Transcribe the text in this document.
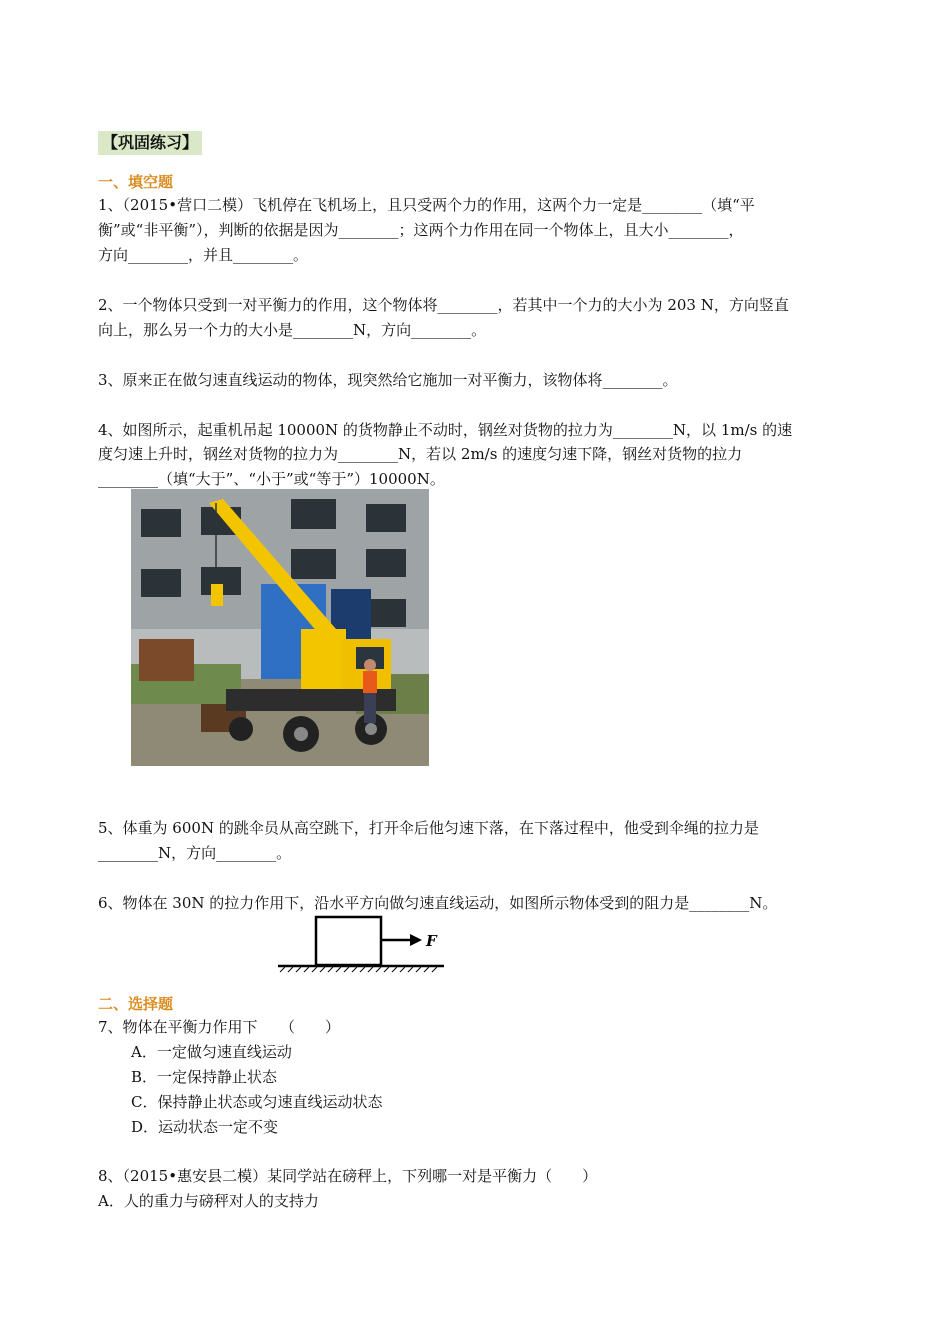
【巩固练习】
一、填空题
1、（2015•营口二模）飞机停在飞机场上，且只受两个力的作用，这两个力一定是________（填“平
衡”或“非平衡”），判断的依据是因为________；这两个力作用在同一个物体上，且大小________，
方向________，并且________。
2、一个物体只受到一对平衡力的作用，这个物体将________，若其中一个力的大小为 203 N，方向竖直
向上，那么另一个力的大小是________N，方向________。
3、原来正在做匀速直线运动的物体，现突然给它施加一对平衡力，该物体将________。
4、如图所示，起重机吊起 10000N 的货物静止不动时，钢丝对货物的拉力为________N，以 1m/s 的速
度匀速上升时，钢丝对货物的拉力为________N，若以 2m/s 的速度匀速下降，钢丝对货物的拉力
________（填“大于”、“小于”或“等于”）10000N。
5、体重为 600N 的跳伞员从高空跳下，打开伞后他匀速下落，在下落过程中，他受到伞绳的拉力是
________N，方向________。
6、物体在 30N 的拉力作用下，沿水平方向做匀速直线运动，如图所示物体受到的阻力是________N。
F
二、选择题
7、物体在平衡力作用下　　（　　）
A．一定做匀速直线运动
B．一定保持静止状态
C．保持静止状态或匀速直线运动状态
D．运动状态一定不变
8、（2015•惠安县二模）某同学站在磅秤上，下列哪一对是平衡力（　　）
A．人的重力与磅秤对人的支持力
